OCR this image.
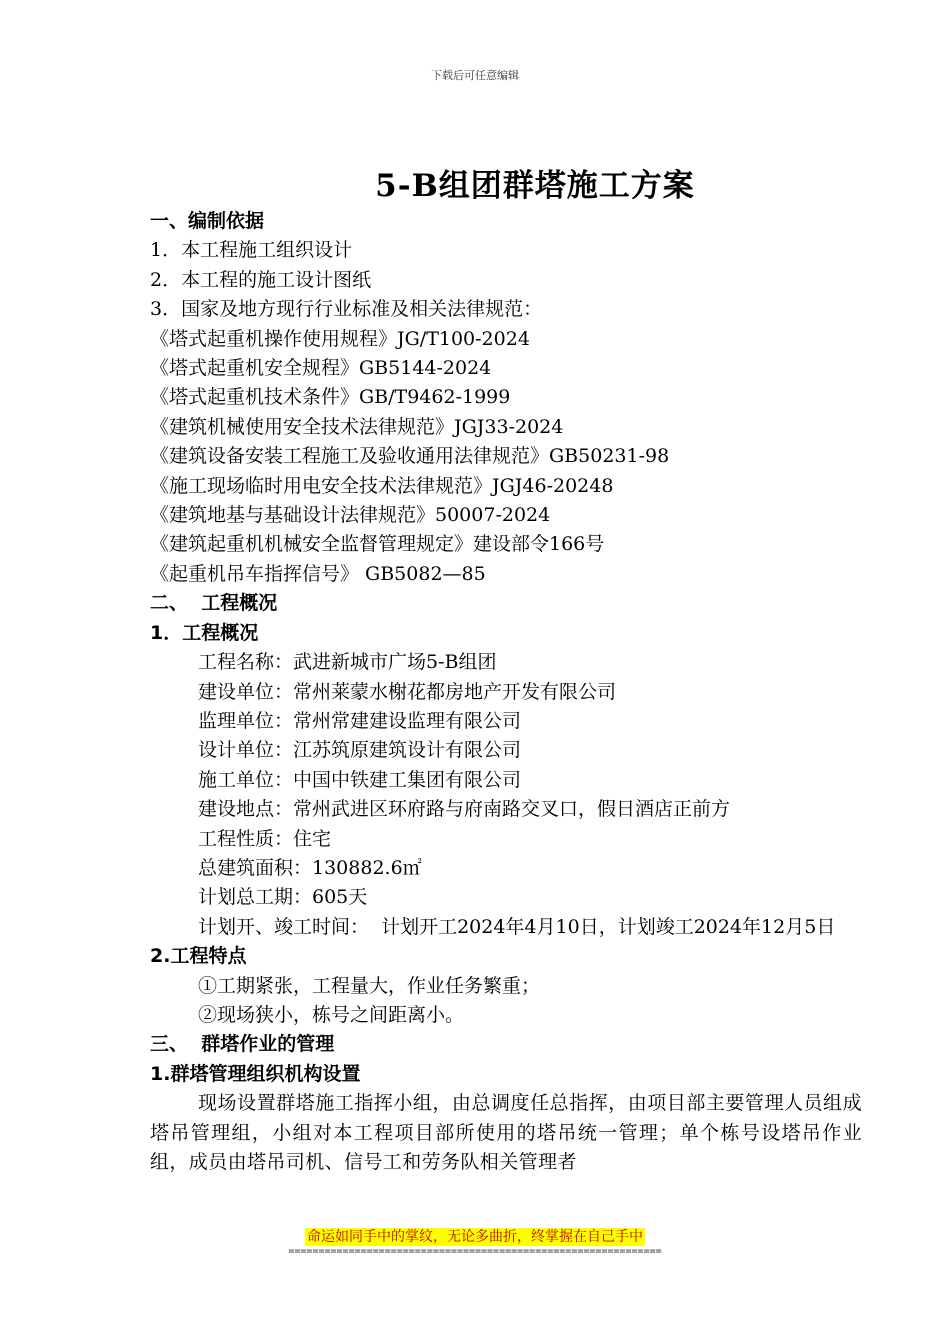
下载后可任意编辑
5-B组团群塔施工方案
一、编制依据
1．本工程施工组织设计
2．本工程的施工设计图纸
3．国家及地方现行行业标准及相关法律规范：
《塔式起重机操作使用规程》JG/T100-2024
《塔式起重机安全规程》GB5144-2024
《塔式起重机技术条件》GB/T9462-1999
《建筑机械使用安全技术法律规范》JGJ33-2024
《建筑设备安装工程施工及验收通用法律规范》GB50231-98
《施工现场临时用电安全技术法律规范》JGJ46-20248
《建筑地基与基础设计法律规范》50007-2024
《建筑起重机机械安全监督管理规定》建设部令166号
《起重机吊车指挥信号》 GB5082—85
二、  工程概况
1．工程概况
工程名称：武进新城市广场5-B组团
建设单位：常州莱蒙水榭花都房地产开发有限公司
监理单位：常州常建建设监理有限公司
设计单位：江苏筑原建筑设计有限公司
施工单位：中国中铁建工集团有限公司
建设地点：常州武进区环府路与府南路交叉口，假日酒店正前方
工程性质：住宅
总建筑面积：130882.6㎡
计划总工期：605天
计划开、竣工时间：  计划开工2024年4月10日，计划竣工2024年12月5日
2.工程特点
①工期紧张，工程量大，作业任务繁重；
②现场狭小，栋号之间距离小。
三、  群塔作业的管理
1.群塔管理组织机构设置
现场设置群塔施工指挥小组，由总调度任总指挥，由项目部主要管理人员组成塔吊管理组，小组对本工程项目部所使用的塔吊统一管理；单个栋号设塔吊作业组，成员由塔吊司机、信号工和劳务队相关管理者
命运如同手中的掌纹，无论多曲折，终掌握在自己手中
==============================================================
